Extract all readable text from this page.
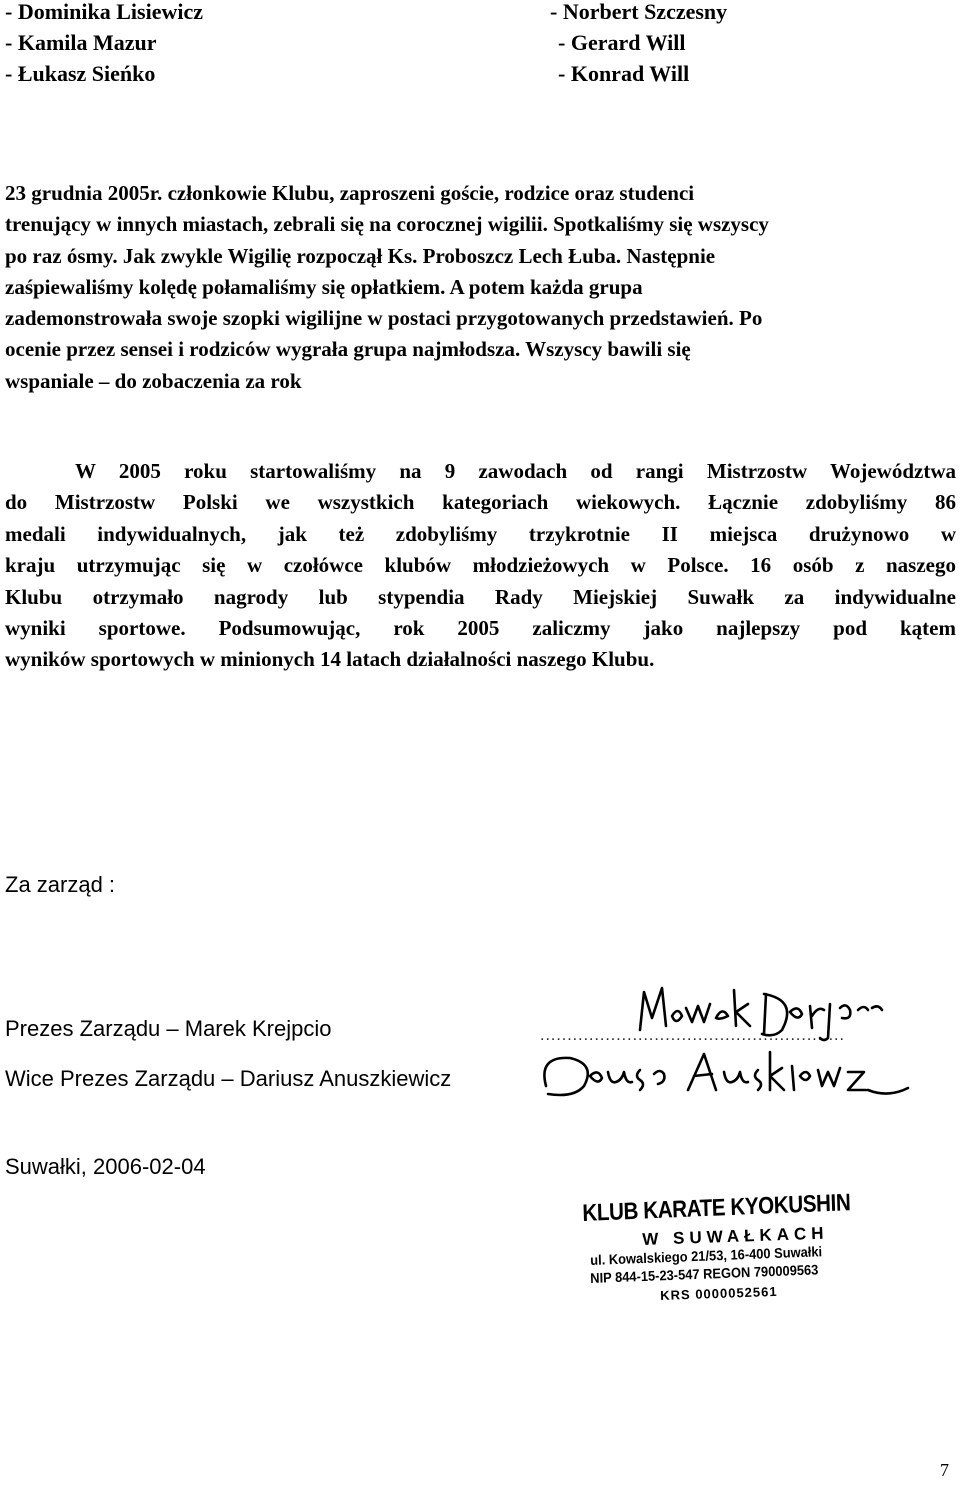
- Dominika Lisiewicz	- Norbert Szczesny
- Kamila Mazur	- Gerard Will
- Łukasz Sieńko	- Konrad Will
23 grudnia 2005r. członkowie Klubu, zaproszeni goście, rodzice oraz studenci
trenujący w innych miastach, zebrali się na corocznej wigilii. Spotkaliśmy się wszyscy
po raz ósmy. Jak zwykle Wigilię rozpoczął Ks. Proboszcz Lech Łuba. Następnie
zaśpiewaliśmy kolędę połamaliśmy się opłatkiem. A potem każda grupa
zademonstrowała swoje szopki wigilijne w postaci przygotowanych przedstawień. Po
ocenie przez sensei i rodziców wygrała grupa najmłodsza. Wszyscy bawili się
wspaniale – do zobaczenia za rok
W 2005 roku startowaliśmy na 9 zawodach od rangi Mistrzostw Województwa
do Mistrzostw Polski we wszystkich kategoriach wiekowych. Łącznie zdobyliśmy 86
medali indywidualnych, jak też zdobyliśmy trzykrotnie II miejsca drużynowo w
kraju utrzymując się w czołówce klubów młodzieżowych w Polsce. 16 osób z naszego
Klubu otrzymało nagrody lub stypendia Rady Miejskiej Suwałk za indywidualne
wyniki sportowe. Podsumowując, rok 2005 zaliczmy jako najlepszy pod kątem
wyników sportowych w minionych 14 latach działalności naszego Klubu.
Za zarząd :
Prezes Zarządu – Marek Krejpcio	........................................................
Wice Prezes Zarządu – Dariusz Anuszkiewicz
Suwałki, 2006-02-04
KLUB KARATE KYOKUSHIN
W SUWAŁKACH
ul. Kowalskiego 21/53, 16-400 Suwałki
NIP 844-15-23-547 REGON 790009563
KRS 0000052561
7
